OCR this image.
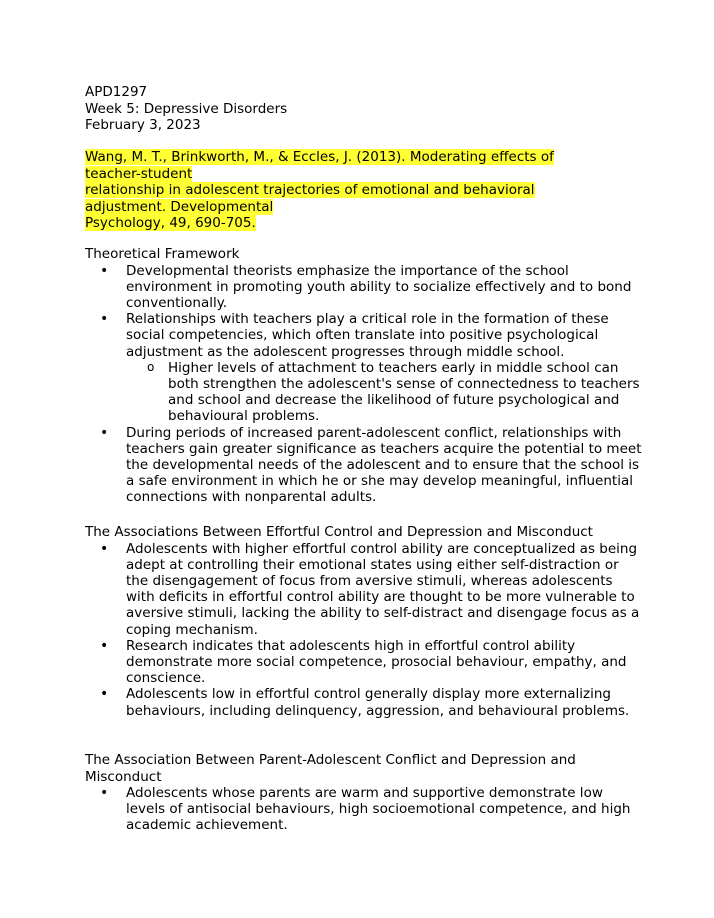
APD1297
Week 5: Depressive Disorders
February 3, 2023
Wang, M. T., Brinkworth, M., & Eccles, J. (2013). Moderating effects of
teacher-student
relationship in adolescent trajectories of emotional and behavioral
adjustment. Developmental
Psychology, 49, 690-705.
Theoretical Framework
• Developmental theorists emphasize the importance of the school environment in promoting youth ability to socialize effectively and to bond conventionally.
• Relationships with teachers play a critical role in the formation of these social competencies, which often translate into positive psychological adjustment as the adolescent progresses through middle school.
o Higher levels of attachment to teachers early in middle school can both strengthen the adolescent's sense of connectedness to teachers and school and decrease the likelihood of future psychological and behavioural problems.
• During periods of increased parent-adolescent conflict, relationships with teachers gain greater significance as teachers acquire the potential to meet the developmental needs of the adolescent and to ensure that the school is a safe environment in which he or she may develop meaningful, influential connections with nonparental adults.
The Associations Between Effortful Control and Depression and Misconduct
• Adolescents with higher effortful control ability are conceptualized as being adept at controlling their emotional states using either self-distraction or the disengagement of focus from aversive stimuli, whereas adolescents with deficits in effortful control ability are thought to be more vulnerable to aversive stimuli, lacking the ability to self-distract and disengage focus as a coping mechanism.
• Research indicates that adolescents high in effortful control ability demonstrate more social competence, prosocial behaviour, empathy, and conscience.
• Adolescents low in effortful control generally display more externalizing behaviours, including delinquency, aggression, and behavioural problems.
The Association Between Parent-Adolescent Conflict and Depression and Misconduct
• Adolescents whose parents are warm and supportive demonstrate low levels of antisocial behaviours, high socioemotional competence, and high academic achievement.
